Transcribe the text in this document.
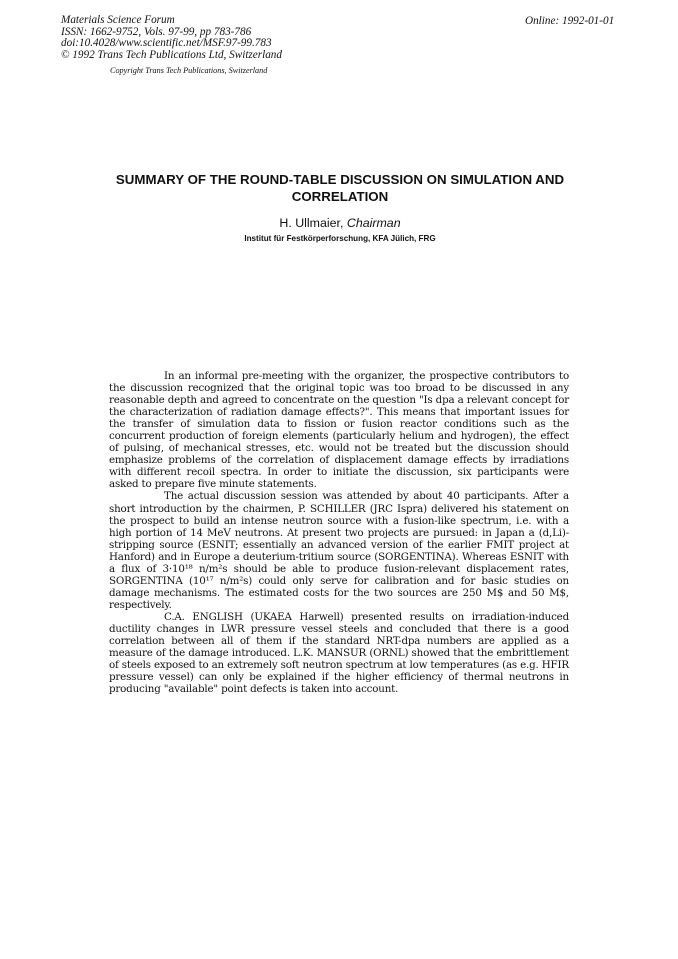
Materials Science Forum
ISSN: 1662-9752, Vols. 97-99, pp 783-786
doi:10.4028/www.scientific.net/MSF.97-99.783
© 1992 Trans Tech Publications Ltd, Switzerland
Online: 1992-01-01
Copyright Trans Tech Publications, Switzerland
SUMMARY OF THE ROUND-TABLE DISCUSSION ON SIMULATION AND CORRELATION
H. Ullmaier, Chairman
Institut für Festkörperforschung, KFA Jülich, FRG

In an informal pre-meeting with the organizer, the prospective contributors to the discussion recognized that the original topic was too broad to be discussed in any reasonable depth and agreed to concentrate on the question "Is dpa a relevant concept for the characterization of radiation damage effects?". This means that important issues for the transfer of simulation data to fission or fusion reactor conditions such as the concurrent production of foreign elements (particularly helium and hydrogen), the effect of pulsing, of mechanical stresses, etc. would not be treated but the discussion should emphasize problems of the correlation of displacement damage effects by irradiations with different recoil spectra. In order to initiate the discussion, six participants were asked to prepare five minute statements.

The actual discussion session was attended by about 40 participants. After a short introduction by the chairmen, P. SCHILLER (JRC Ispra) delivered his statement on the prospect to build an intense neutron source with a fusion-like spectrum, i.e. with a high portion of 14 MeV neutrons. At present two projects are pursued: in Japan a (d,Li)-stripping source (ESNIT; essentially an advanced version of the earlier FMIT project at Hanford) and in Europe a deuterium-tritium source (SORGENTINA). Whereas ESNIT with a flux of 3·10¹⁸ n/m²s should be able to produce fusion-relevant displacement rates, SORGENTINA (10¹⁷ n/m²s) could only serve for calibration and for basic studies on damage mechanisms. The estimated costs for the two sources are 250 M$ and 50 M$, respectively.

C.A. ENGLISH (UKAEA Harwell) presented results on irradiation-induced ductility changes in LWR pressure vessel steels and concluded that there is a good correlation between all of them if the standard NRT-dpa numbers are applied as a measure of the damage introduced. L.K. MANSUR (ORNL) showed that the embrittlement of steels exposed to an extremely soft neutron spectrum at low temperatures (as e.g. HFIR pressure vessel) can only be explained if the higher efficiency of thermal neutrons in producing "available" point defects is taken into account.
